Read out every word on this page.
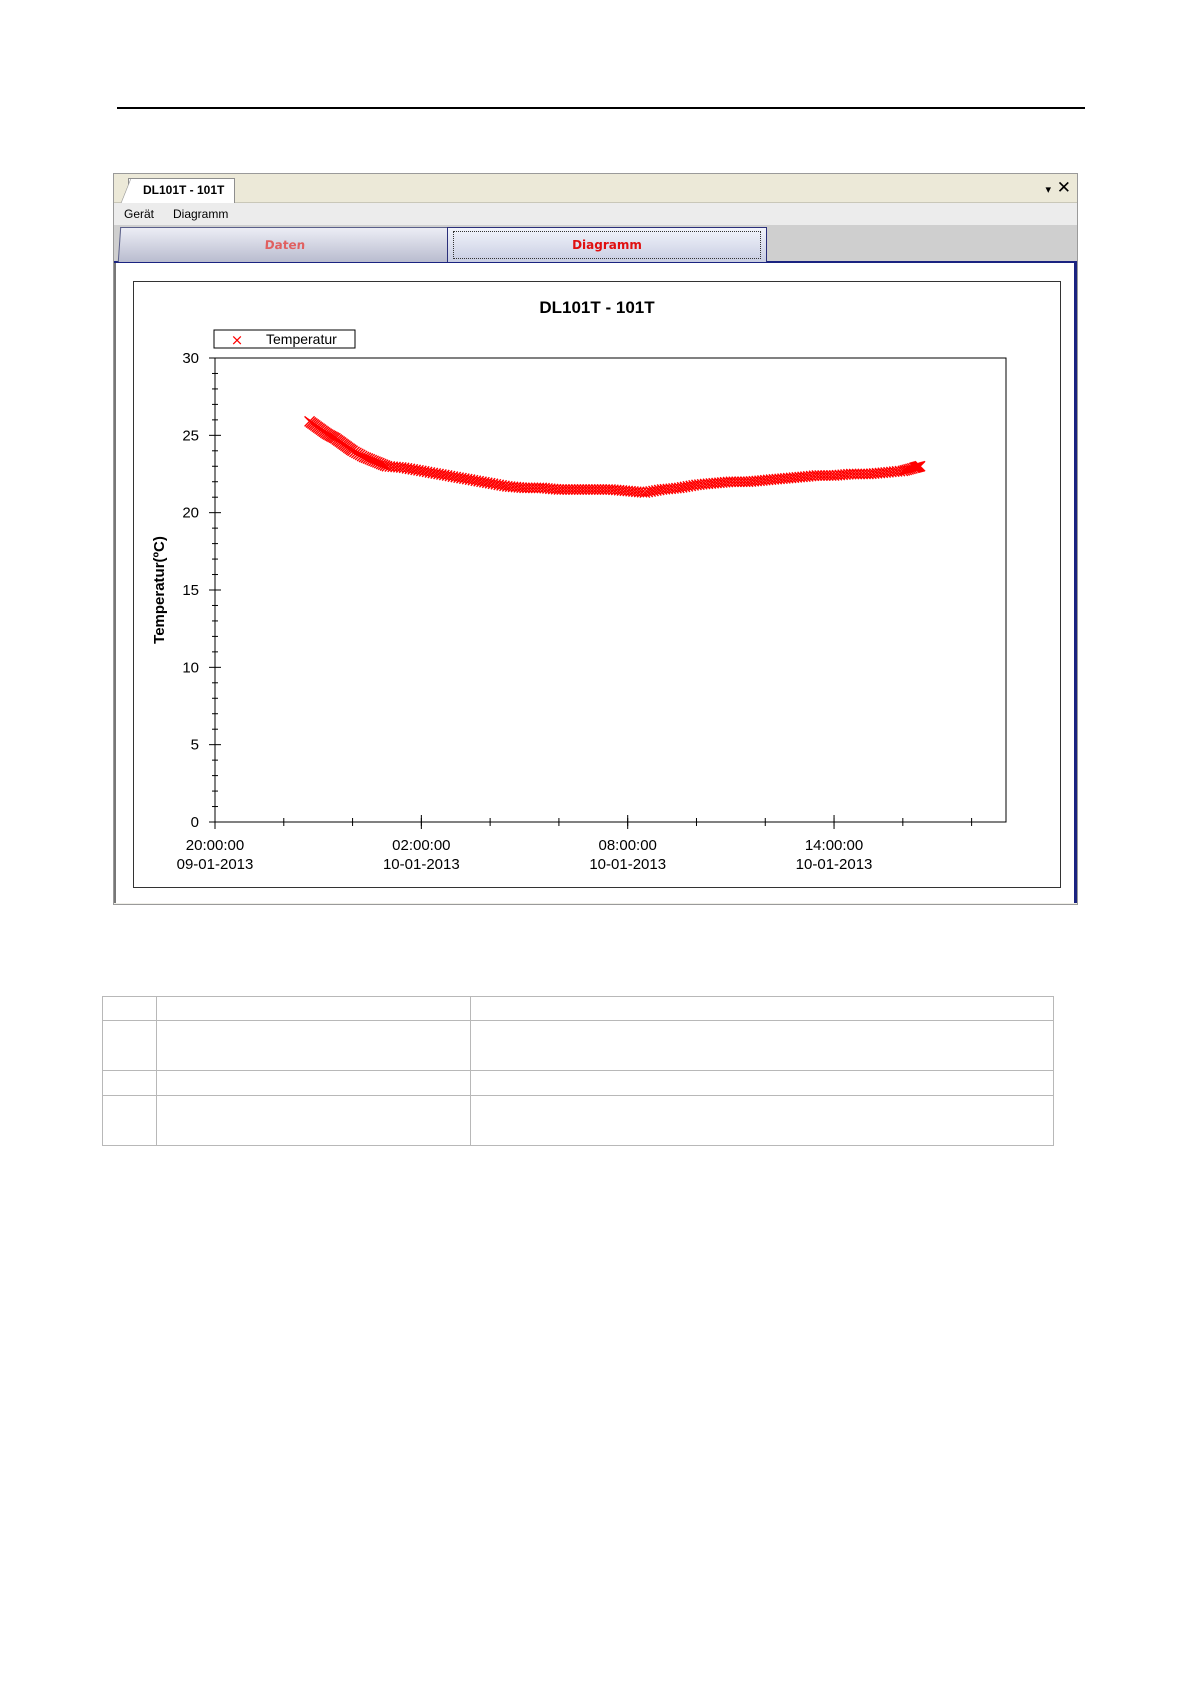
DL101T - 101T	▾ ✕
Gerät Diagramm
Daten	Diagramm
DL101T - 101T
× Temperatur
Temperatur(ºC)
0
5
10
15
20
25
30
20:00:00
09-01-2013
02:00:00
10-01-2013
08:00:00
10-01-2013
14:00:00
10-01-2013
